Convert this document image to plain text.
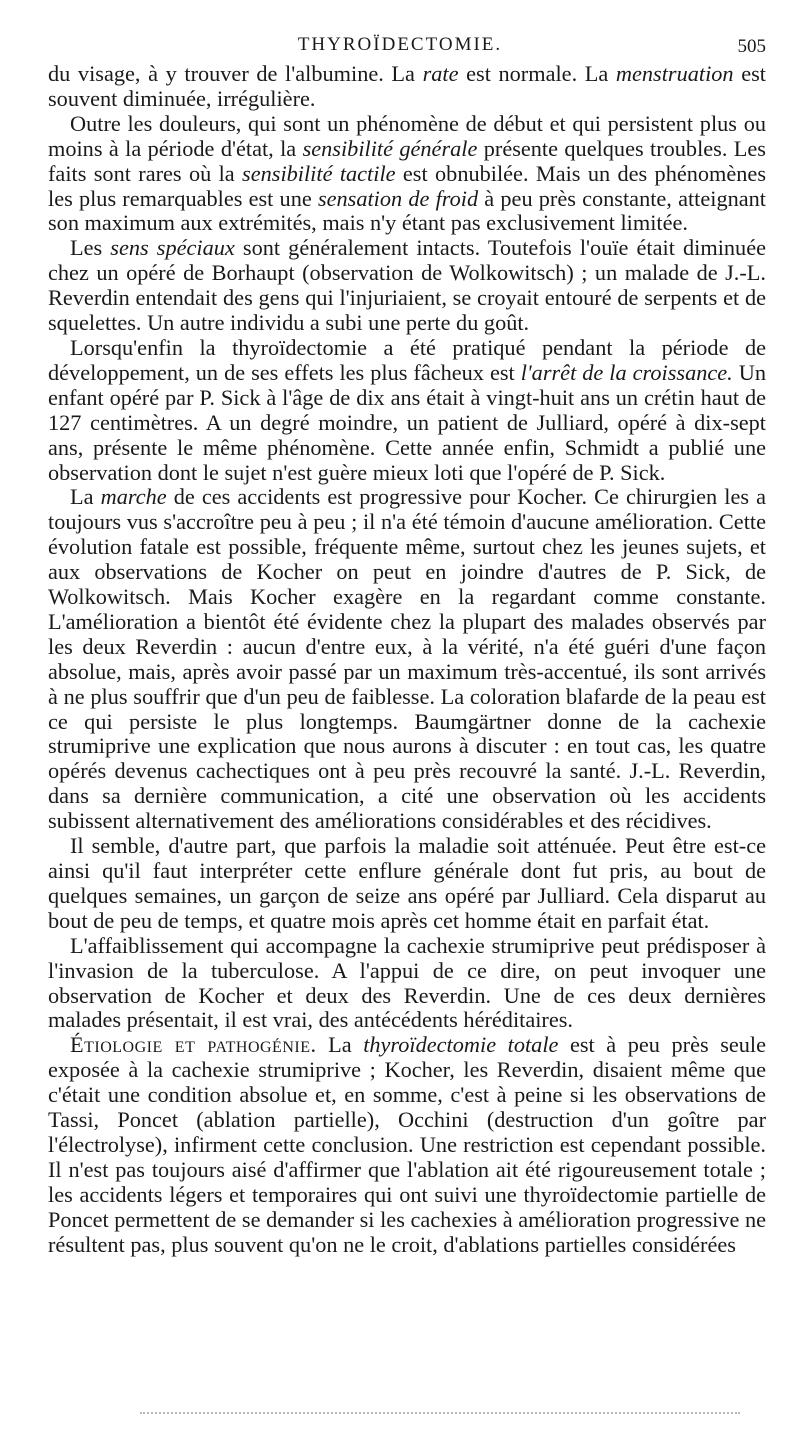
THYROÏDECTOMIE.	505

du visage, à y trouver de l'albumine. La rate est normale. La menstruation est souvent diminuée, irrégulière.

Outre les douleurs, qui sont un phénomène de début et qui persistent plus ou moins à la période d'état, la sensibilité générale présente quelques troubles. Les faits sont rares où la sensibilité tactile est obnubilée. Mais un des phénomènes les plus remarquables est une sensation de froid à peu près constante, atteignant son maximum aux extrémités, mais n'y étant pas exclusivement limitée.

Les sens spéciaux sont généralement intacts. Toutefois l'ouïe était diminuée chez un opéré de Borhaupt (observation de Wolkowitsch) ; un malade de J.-L. Reverdin entendait des gens qui l'injuriaient, se croyait entouré de serpents et de squelettes. Un autre individu a subi une perte du goût.

Lorsqu'enfin la thyroïdectomie a été pratiqué pendant la période de développement, un de ses effets les plus fâcheux est l'arrêt de la croissance. Un enfant opéré par P. Sick à l'âge de dix ans était à vingt-huit ans un crétin haut de 127 centimètres. A un degré moindre, un patient de Julliard, opéré à dix-sept ans, présente le même phénomène. Cette année enfin, Schmidt a publié une observation dont le sujet n'est guère mieux loti que l'opéré de P. Sick.

La marche de ces accidents est progressive pour Kocher. Ce chirurgien les a toujours vus s'accroître peu à peu ; il n'a été témoin d'aucune amélioration. Cette évolution fatale est possible, fréquente même, surtout chez les jeunes sujets, et aux observations de Kocher on peut en joindre d'autres de P. Sick, de Wolkowitsch. Mais Kocher exagère en la regardant comme constante. L'amélioration a bientôt été évidente chez la plupart des malades observés par les deux Reverdin : aucun d'entre eux, à la vérité, n'a été guéri d'une façon absolue, mais, après avoir passé par un maximum très-accentué, ils sont arrivés à ne plus souffrir que d'un peu de faiblesse. La coloration blafarde de la peau est ce qui persiste le plus longtemps. Baumgärtner donne de la cachexie strumiprive une explication que nous aurons à discuter : en tout cas, les quatre opérés devenus cachectiques ont à peu près recouvré la santé. J.-L. Reverdin, dans sa dernière communication, a cité une observation où les accidents subissent alternativement des améliorations considérables et des récidives.

Il semble, d'autre part, que parfois la maladie soit atténuée. Peut être est-ce ainsi qu'il faut interpréter cette enflure générale dont fut pris, au bout de quelques semaines, un garçon de seize ans opéré par Julliard. Cela disparut au bout de peu de temps, et quatre mois après cet homme était en parfait état.

L'affaiblissement qui accompagne la cachexie strumiprive peut prédisposer à l'invasion de la tuberculose. A l'appui de ce dire, on peut invoquer une observation de Kocher et deux des Reverdin. Une de ces deux dernières malades présentait, il est vrai, des antécédents héréditaires.

Étiologie et pathogénie. La thyroïdectomie totale est à peu près seule exposée à la cachexie strumiprive ; Kocher, les Reverdin, disaient même que c'était une condition absolue et, en somme, c'est à peine si les observations de Tassi, Poncet (ablation partielle), Occhini (destruction d'un goître par l'électrolyse), infirment cette conclusion. Une restriction est cependant possible. Il n'est pas toujours aisé d'affirmer que l'ablation ait été rigoureusement totale ; les accidents légers et temporaires qui ont suivi une thyroïdectomie partielle de Poncet permettent de se demander si les cachexies à amélioration progressive ne résultent pas, plus souvent qu'on ne le croit, d'ablations partielles considérées
